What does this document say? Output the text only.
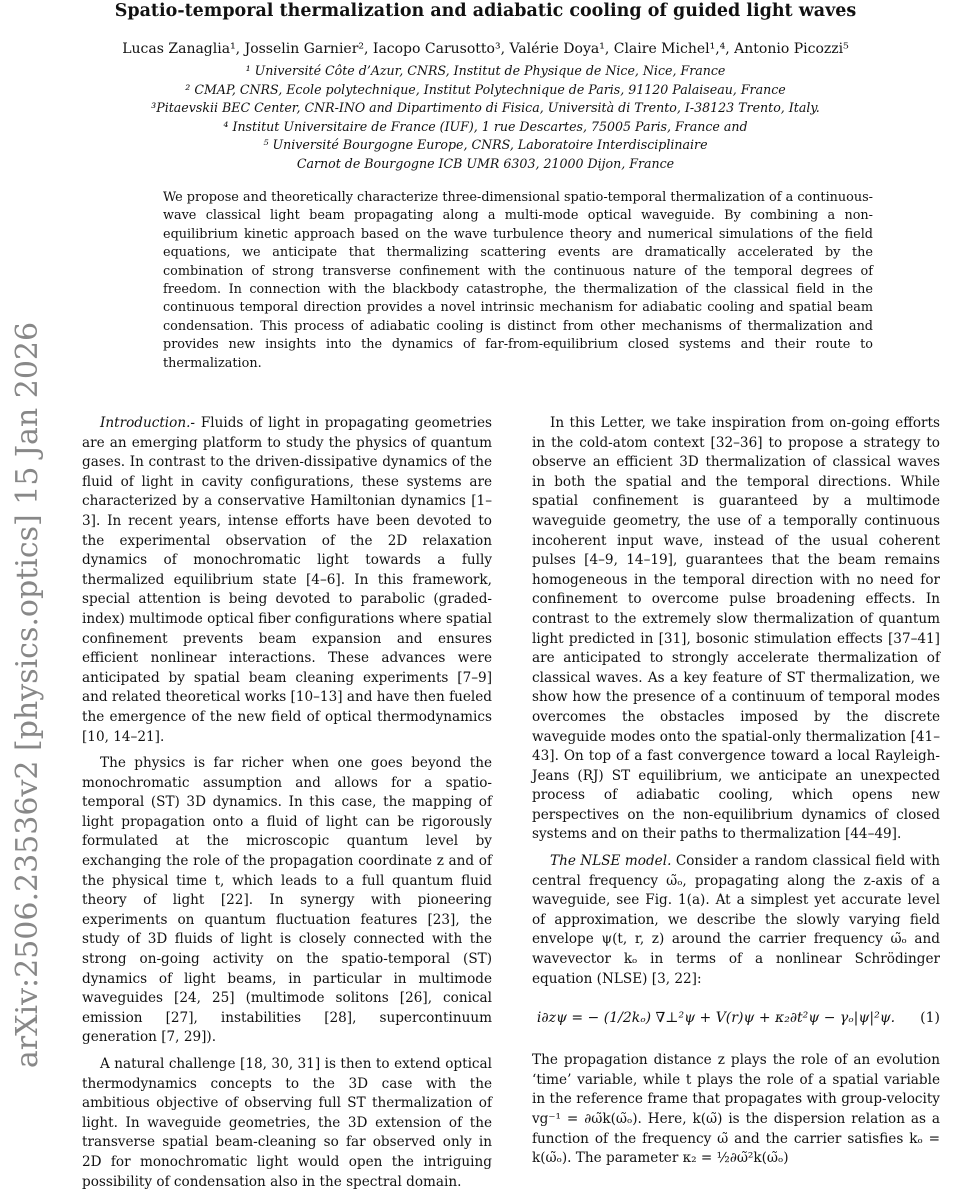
Spatio-temporal thermalization and adiabatic cooling of guided light waves
Lucas Zanaglia¹, Josselin Garnier², Iacopo Carusotto³, Valérie Doya¹, Claire Michel¹,⁴, Antonio Picozzi⁵
¹ Université Côte d’Azur, CNRS, Institut de Physique de Nice, Nice, France
² CMAP, CNRS, Ecole polytechnique, Institut Polytechnique de Paris, 91120 Palaiseau, France
³Pitaevskii BEC Center, CNR-INO and Dipartimento di Fisica, Università di Trento, I-38123 Trento, Italy.
⁴ Institut Universitaire de France (IUF), 1 rue Descartes, 75005 Paris, France and
⁵ Université Bourgogne Europe, CNRS, Laboratoire Interdisciplinaire
Carnot de Bourgogne ICB UMR 6303, 21000 Dijon, France
We propose and theoretically characterize three-dimensional spatio-temporal thermalization of a continuous-wave classical light beam propagating along a multi-mode optical waveguide. By combining a non-equilibrium kinetic approach based on the wave turbulence theory and numerical simulations of the field equations, we anticipate that thermalizing scattering events are dramatically accelerated by the combination of strong transverse confinement with the continuous nature of the temporal degrees of freedom. In connection with the blackbody catastrophe, the thermalization of the classical field in the continuous temporal direction provides a novel intrinsic mechanism for adiabatic cooling and spatial beam condensation. This process of adiabatic cooling is distinct from other mechanisms of thermalization and provides new insights into the dynamics of far-from-equilibrium closed systems and their route to thermalization.
arXiv:2506.23536v2 [physics.optics] 15 Jan 2026	Introduction.- Fluids of light in propagating geometries are an emerging platform to study the physics of quantum gases. In contrast to the driven-dissipative dynamics of the fluid of light in cavity configurations, these systems are characterized by a conservative Hamiltonian dynamics [1–3]. In recent years, intense efforts have been devoted to the experimental observation of the 2D relaxation dynamics of monochromatic light towards a fully thermalized equilibrium state [4–6]. In this framework, special attention is being devoted to parabolic (graded-index) multimode optical fiber configurations where spatial confinement prevents beam expansion and ensures efficient nonlinear interactions. These advances were anticipated by spatial beam cleaning experiments [7–9] and related theoretical works [10–13] and have then fueled the emergence of the new field of optical thermodynamics [10, 14–21].

The physics is far richer when one goes beyond the monochromatic assumption and allows for a spatio-temporal (ST) 3D dynamics. In this case, the mapping of light propagation onto a fluid of light can be rigorously formulated at the microscopic quantum level by exchanging the role of the propagation coordinate z and of the physical time t, which leads to a full quantum fluid theory of light [22]. In synergy with pioneering experiments on quantum fluctuation features [23], the study of 3D fluids of light is closely connected with the strong on-going activity on the spatio-temporal (ST) dynamics of light beams, in particular in multimode waveguides [24, 25] (multimode solitons [26], conical emission [27], instabilities [28], supercontinuum generation [7, 29]).

A natural challenge [18, 30, 31] is then to extend optical thermodynamics concepts to the 3D case with the ambitious objective of observing full ST thermalization of light. In waveguide geometries, the 3D extension of the transverse spatial beam-cleaning so far observed only in 2D for monochromatic light would open the intriguing possibility of condensation also in the spectral domain.

In this Letter, we take inspiration from on-going efforts in the cold-atom context [32–36] to propose a strategy to observe an efficient 3D thermalization of classical waves in both the spatial and the temporal directions. While spatial confinement is guaranteed by a multimode waveguide geometry, the use of a temporally continuous incoherent input wave, instead of the usual coherent pulses [4–9, 14–19], guarantees that the beam remains homogeneous in the temporal direction with no need for confinement to overcome pulse broadening effects. In contrast to the extremely slow thermalization of quantum light predicted in [31], bosonic stimulation effects [37–41] are anticipated to strongly accelerate thermalization of classical waves. As a key feature of ST thermalization, we show how the presence of a continuum of temporal modes overcomes the obstacles imposed by the discrete waveguide modes onto the spatial-only thermalization [41–43]. On top of a fast convergence toward a local Rayleigh-Jeans (RJ) ST equilibrium, we anticipate an unexpected process of adiabatic cooling, which opens new perspectives on the non-equilibrium dynamics of closed systems and on their paths to thermalization [44–49].

The NLSE model. Consider a random classical field with central frequency ω̃ₒ, propagating along the z-axis of a waveguide, see Fig. 1(a). At a simplest yet accurate level of approximation, we describe the slowly varying field envelope ψ(t, r, z) around the carrier frequency ω̃ₒ and wavevector kₒ in terms of a nonlinear Schrödinger equation (NLSE) [3, 22]:

i∂zψ = − (1/2kₒ) ∇⊥²ψ + V(r)ψ + κ₂∂t²ψ − γₒ|ψ|²ψ.	(1)

The propagation distance z plays the role of an evolution ‘time’ variable, while t plays the role of a spatial variable in the reference frame that propagates with group-velocity vg⁻¹ = ∂ω̃k(ω̃ₒ). Here, k(ω̃) is the dispersion relation as a function of the frequency ω̃ and the carrier satisfies kₒ = k(ω̃ₒ). The parameter κ₂ = ½∂ω̃²k(ω̃ₒ)
